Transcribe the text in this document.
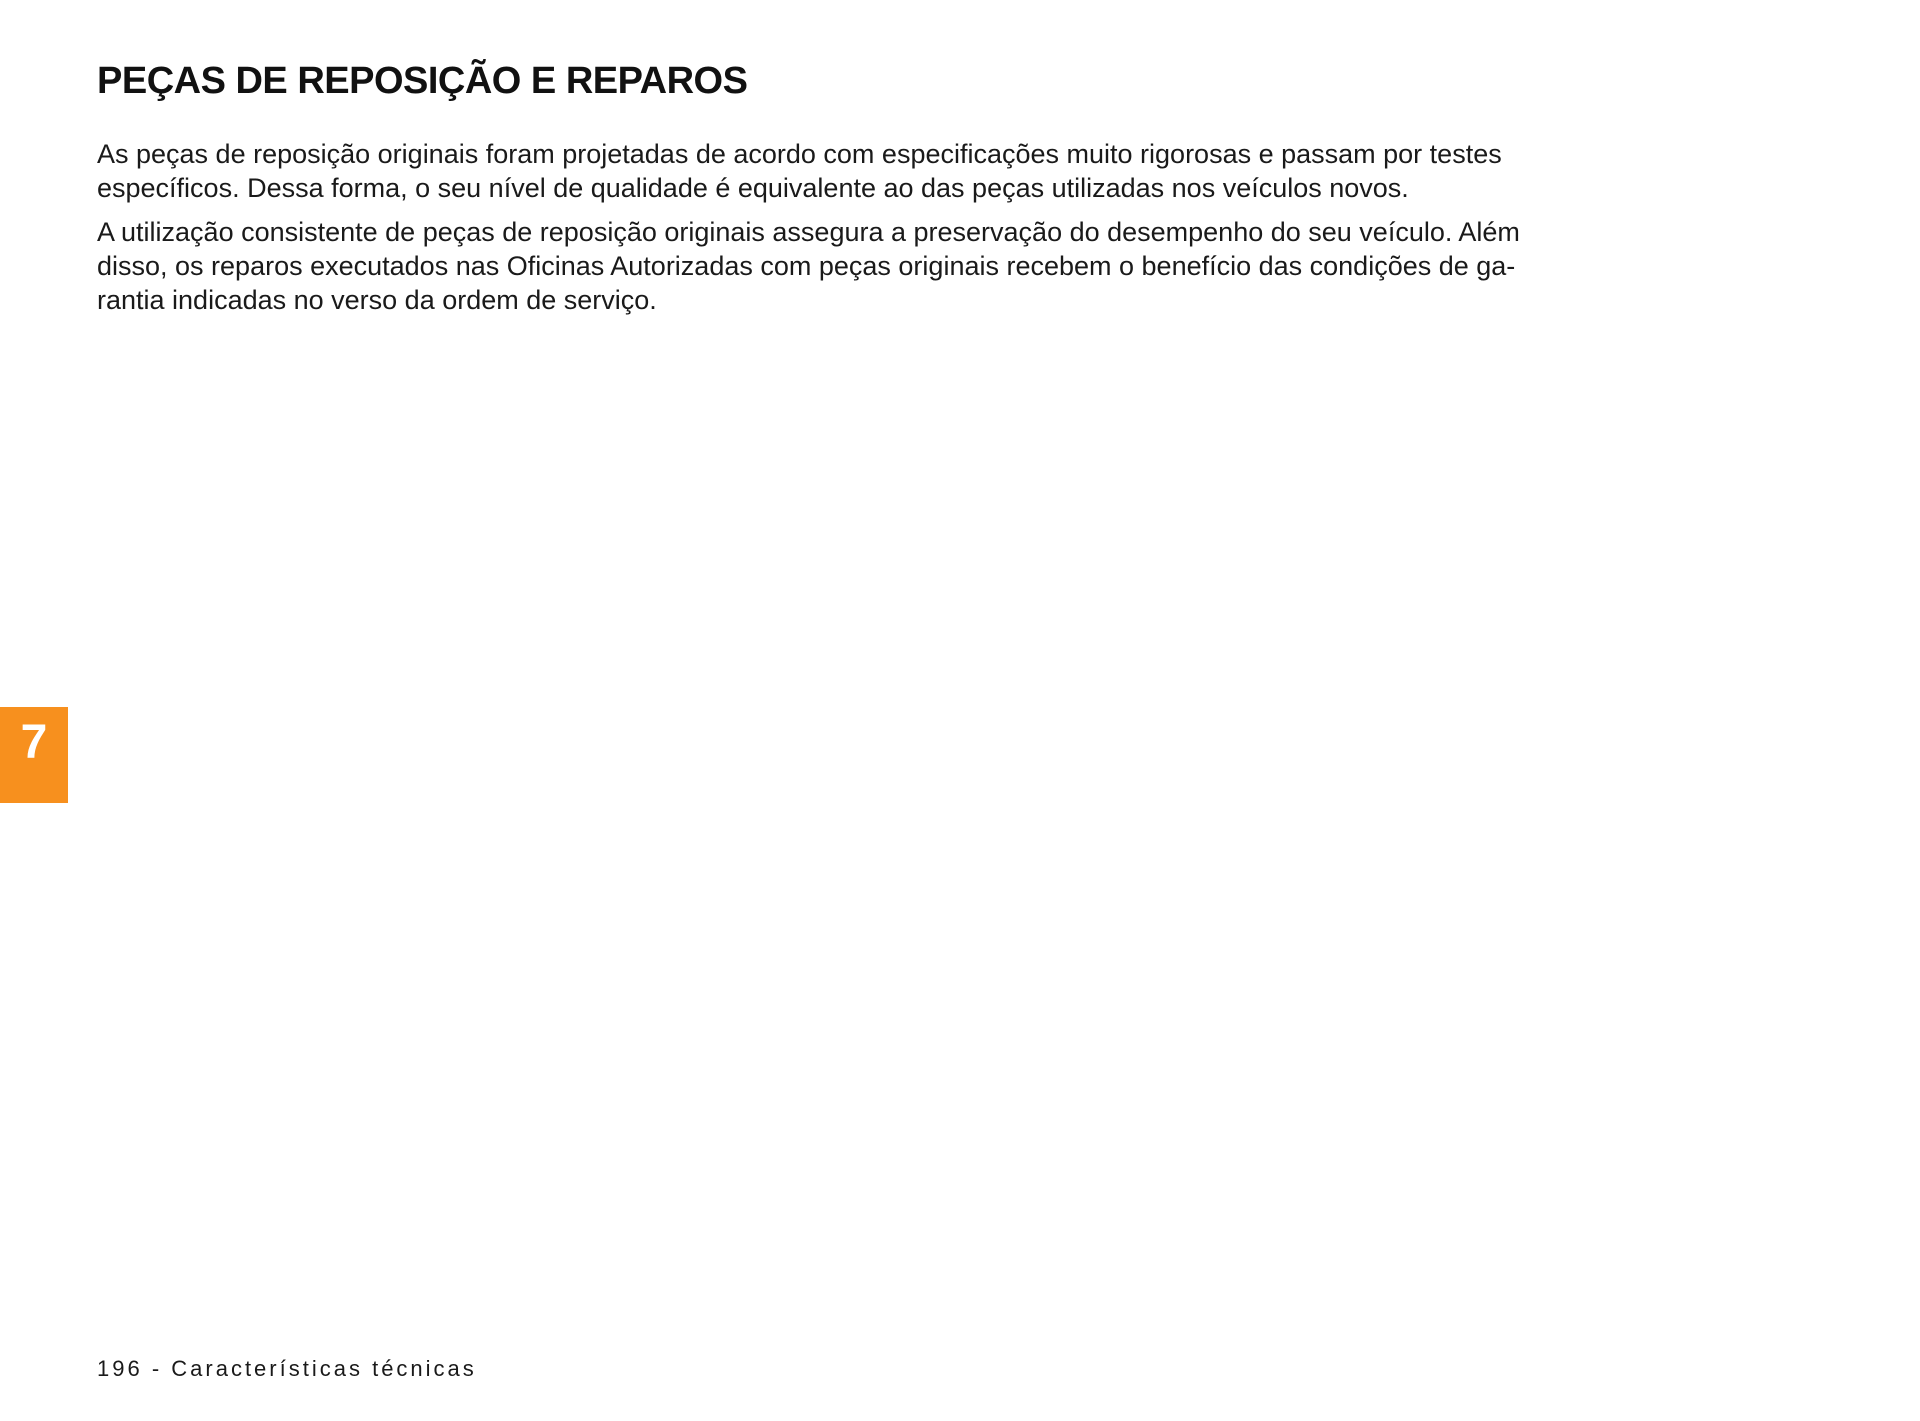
PEÇAS DE REPOSIÇÃO E REPAROS

As peças de reposição originais foram projetadas de acordo com especificações muito rigorosas e passam por testes
específicos. Dessa forma, o seu nível de qualidade é equivalente ao das peças utilizadas nos veículos novos.

A utilização consistente de peças de reposição originais assegura a preservação do desempenho do seu veículo. Além
disso, os reparos executados nas Oficinas Autorizadas com peças originais recebem o benefício das condições de ga-
rantia indicadas no verso da ordem de serviço.

7
196 - Características técnicas
